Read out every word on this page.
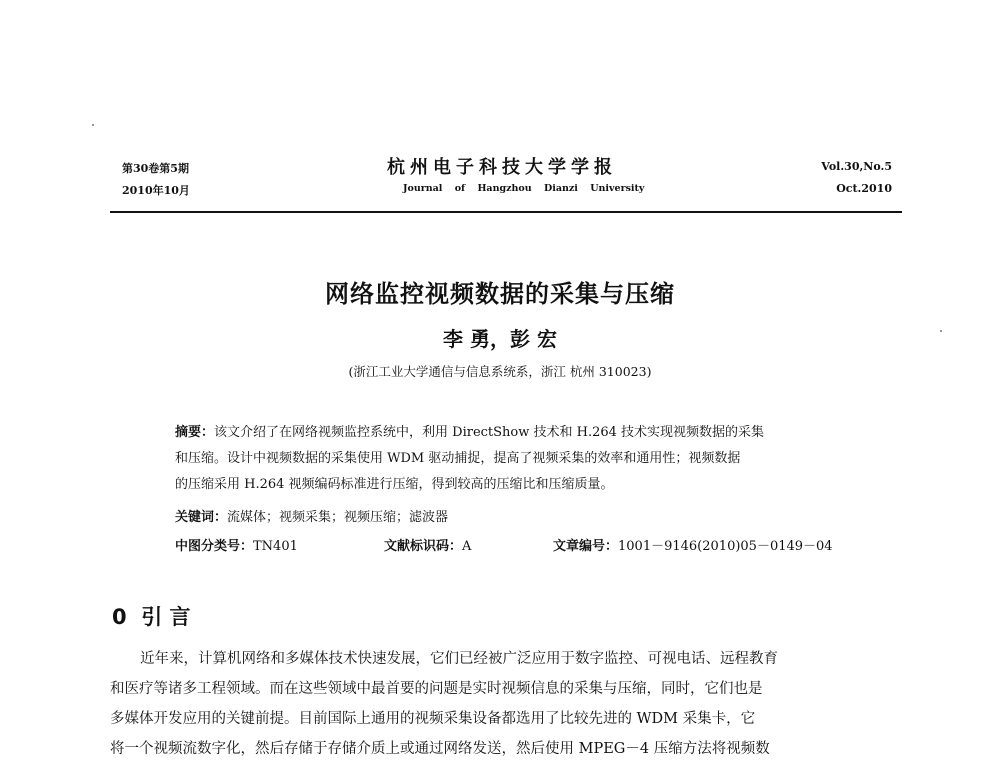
第30卷第5期
2010年10月
杭州电子科技大学学报
Journal of Hangzhou Dianzi University
Vol.30,No.5
Oct.2010
网络监控视频数据的采集与压缩
李 勇，彭 宏
(浙江工业大学通信与信息系统系，浙江 杭州 310023)
摘要：该文介绍了在网络视频监控系统中，利用 DirectShow 技术和 H.264 技术实现视频数据的采集
和压缩。设计中视频数据的采集使用 WDM 驱动捕捉，提高了视频采集的效率和通用性；视频数据
的压缩采用 H.264 视频编码标准进行压缩，得到较高的压缩比和压缩质量。
关键词：流媒体；视频采集；视频压缩；滤波器
中图分类号：TN401	文献标识码：A	文章编号：1001－9146(2010)05－0149－04
0 引 言
近年来，计算机网络和多媒体技术快速发展，它们已经被广泛应用于数字监控、可视电话、远程教育
和医疗等诸多工程领域。而在这些领域中最首要的问题是实时视频信息的采集与压缩，同时，它们也是
多媒体开发应用的关键前提。目前国际上通用的视频采集设备都选用了比较先进的 WDM 采集卡，它
将一个视频流数字化，然后存储于存储介质上或通过网络发送，然后使用 MPEG－4 压缩方法将视频数
